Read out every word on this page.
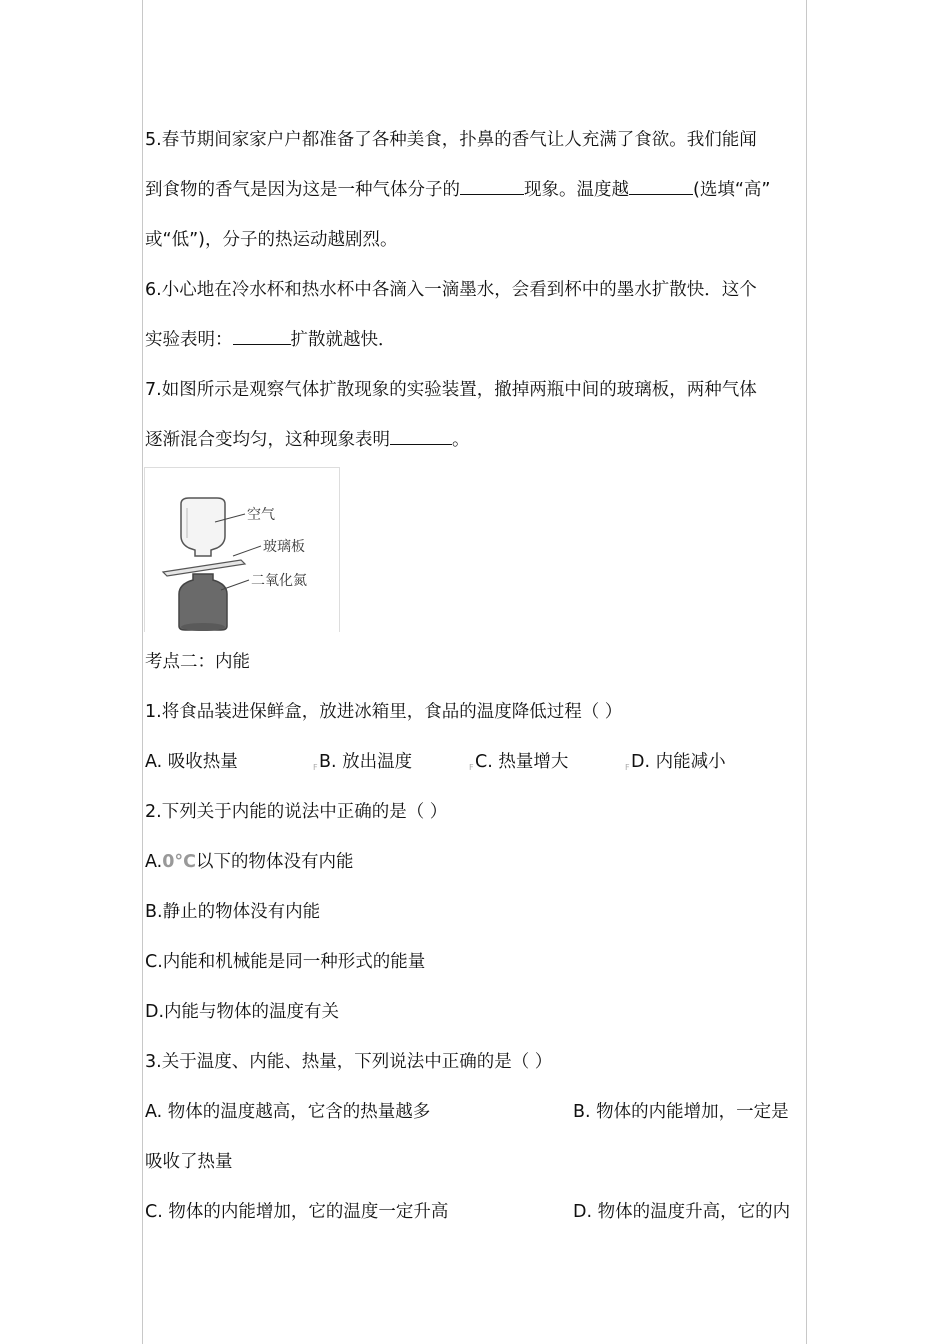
5.春节期间家家户户都准备了各种美食，扑鼻的香气让人充满了食欲。我们能闻
到食物的香气是因为这是一种气体分子的	现象。温度越	(选填“高”
或“低”)，分子的热运动越剧烈。
6.小心地在冷水杯和热水杯中各滴入一滴墨水，会看到杯中的墨水扩散快．这个
实验表明：	扩散就越快．
7.如图所示是观察气体扩散现象的实验装置，撤掉两瓶中间的玻璃板，两种气体
逐渐混合变均匀，这种现象表明	。
空气
玻璃板
二氧化氮
考点二：内能
1.将食品装进保鲜盒，放进冰箱里，食品的温度降低过程（ ）
A. 吸收热量	F B. 放出温度	F C. 热量增大	F D. 内能减小
2.下列关于内能的说法中正确的是（ ）
A.0°C以下的物体没有内能
B.静止的物体没有内能
C.内能和机械能是同一种形式的能量
D.内能与物体的温度有关
3.关于温度、内能、热量，下列说法中正确的是（ ）
A. 物体的温度越高，它含的热量越多	B. 物体的内能增加，一定是
吸收了热量
C. 物体的内能增加，它的温度一定升高	D. 物体的温度升高，它的内
